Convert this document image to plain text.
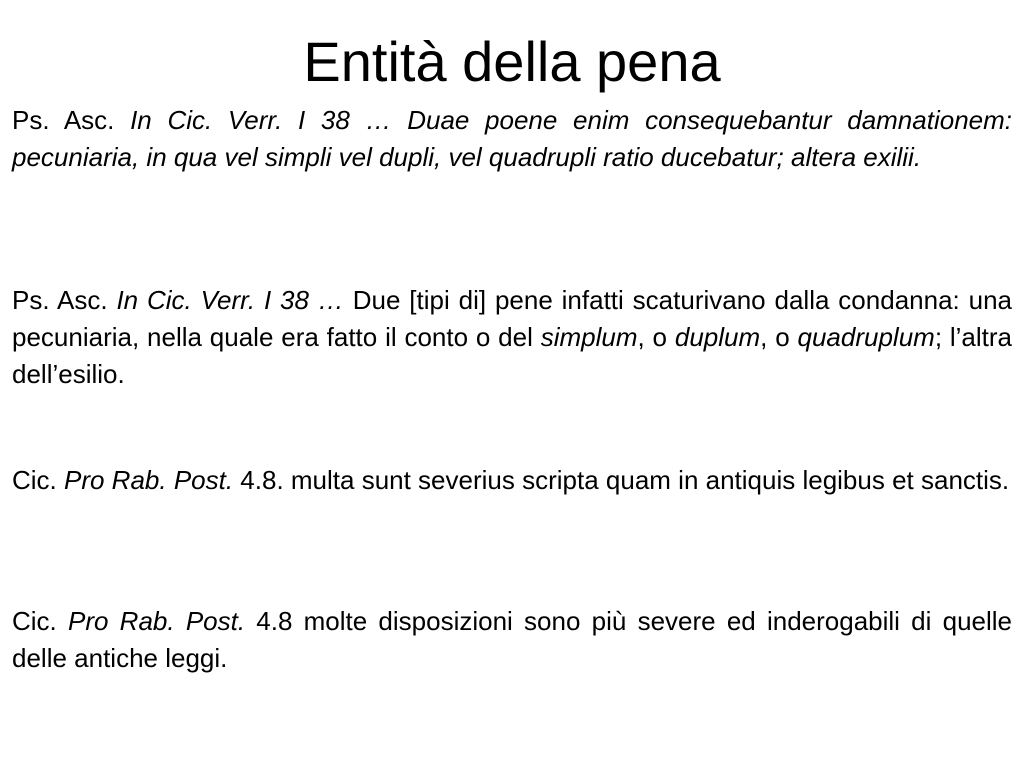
Entità della pena

Ps. Asc. In Cic. Verr. I 38 … Duae poene enim consequebantur damnationem: pecuniaria, in qua vel simpli vel dupli, vel quadrupli ratio ducebatur; altera exilii.

Ps. Asc. In Cic. Verr. I 38 … Due [tipi di] pene infatti scaturivano dalla condanna: una pecuniaria, nella quale era fatto il conto o del simplum, o duplum, o quadruplum; l’altra dell’esilio.

Cic. Pro Rab. Post. 4.8. multa sunt severius scripta quam in antiquis legibus et sanctis.

Cic. Pro Rab. Post. 4.8 molte disposizioni sono più severe ed inderogabili di quelle delle antiche leggi.
